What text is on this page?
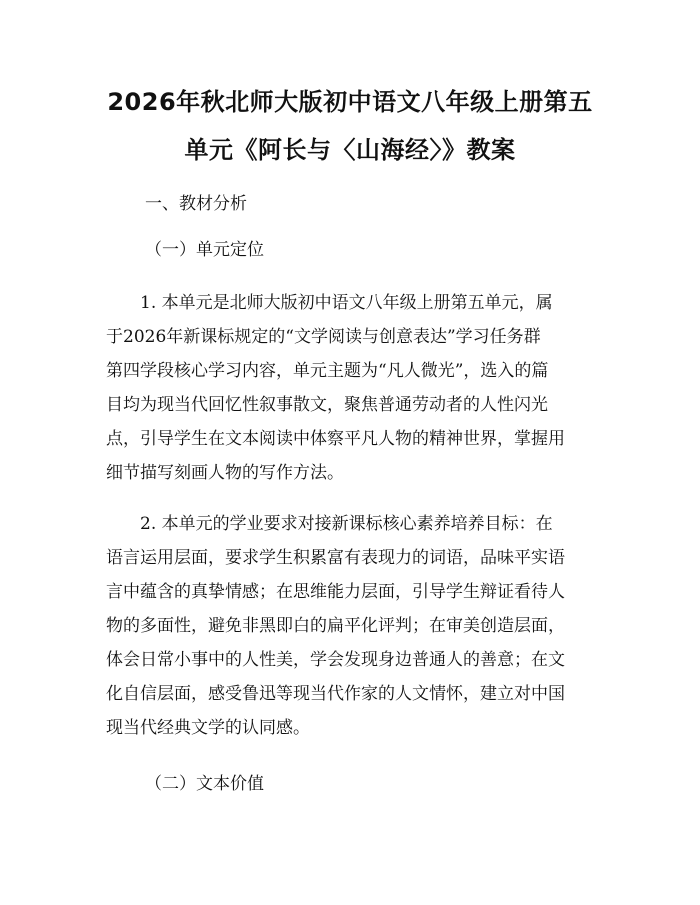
2026年秋北师大版初中语文八年级上册第五
单元《阿长与〈山海经〉》教案
一、教材分析
（一）单元定位
1. 本单元是北师大版初中语文八年级上册第五单元，属
于2026年新课标规定的“文学阅读与创意表达”学习任务群
第四学段核心学习内容，单元主题为“凡人微光”，选入的篇
目均为现当代回忆性叙事散文，聚焦普通劳动者的人性闪光
点，引导学生在文本阅读中体察平凡人物的精神世界，掌握用
细节描写刻画人物的写作方法。
2. 本单元的学业要求对接新课标核心素养培养目标：在
语言运用层面，要求学生积累富有表现力的词语，品味平实语
言中蕴含的真挚情感；在思维能力层面，引导学生辩证看待人
物的多面性，避免非黑即白的扁平化评判；在审美创造层面，
体会日常小事中的人性美，学会发现身边普通人的善意；在文
化自信层面，感受鲁迅等现当代作家的人文情怀，建立对中国
现当代经典文学的认同感。
（二）文本价值
